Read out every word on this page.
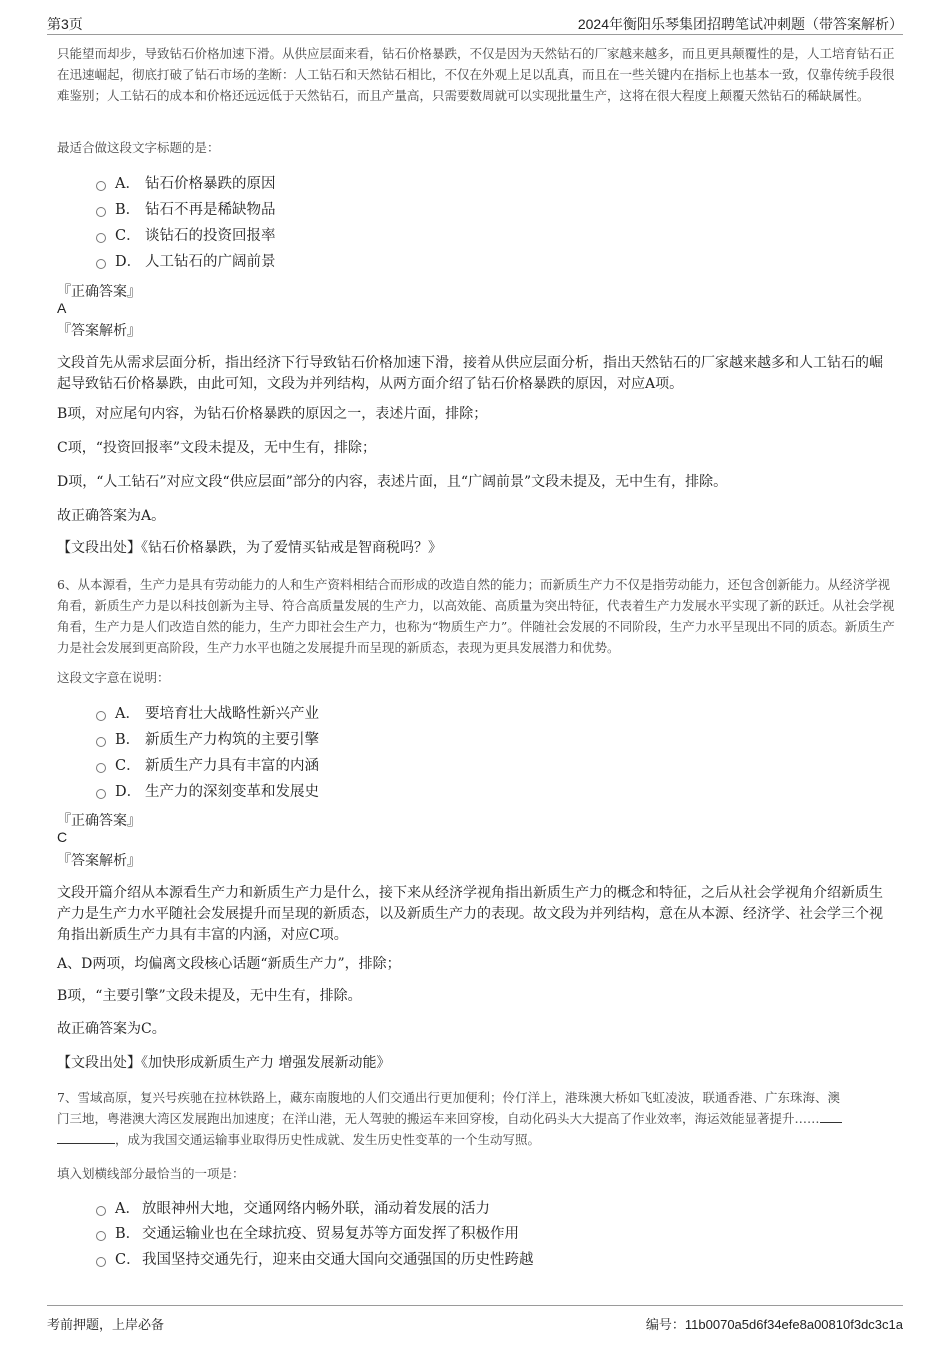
第3页	2024年衡阳乐琴集团招聘笔试冲刺题（带答案解析）
只能望而却步，导致钻石价格加速下滑。从供应层面来看，钻石价格暴跌，不仅是因为天然钻石的厂家越来越多，而且更具颠覆性的是，人工培育钻石正在迅速崛起，彻底打破了钻石市场的垄断：人工钻石和天然钻石相比，不仅在外观上足以乱真，而且在一些关键内在指标上也基本一致，仅靠传统手段很难鉴别；人工钻石的成本和价格还远远低于天然钻石，而且产量高，只需要数周就可以实现批量生产，这将在很大程度上颠覆天然钻石的稀缺属性。
最适合做这段文字标题的是：
A． 钻石价格暴跌的原因
B． 钻石不再是稀缺物品
C． 谈钻石的投资回报率
D． 人工钻石的广阔前景
『正确答案』
A
『答案解析』
文段首先从需求层面分析，指出经济下行导致钻石价格加速下滑，接着从供应层面分析，指出天然钻石的厂家越来越多和人工钻石的崛起导致钻石价格暴跌，由此可知，文段为并列结构，从两方面介绍了钻石价格暴跌的原因，对应A项。
B项，对应尾句内容，为钻石价格暴跌的原因之一，表述片面，排除；
C项，“投资回报率”文段未提及，无中生有，排除；
D项，“人工钻石”对应文段“供应层面”部分的内容，表述片面，且“广阔前景”文段未提及，无中生有，排除。
故正确答案为A。
【文段出处】《钻石价格暴跌，为了爱情买钻戒是智商税吗？》
6、从本源看，生产力是具有劳动能力的人和生产资料相结合而形成的改造自然的能力；而新质生产力不仅是指劳动能力，还包含创新能力。从经济学视角看，新质生产力是以科技创新为主导、符合高质量发展的生产力，以高效能、高质量为突出特征，代表着生产力发展水平实现了新的跃迁。从社会学视角看，生产力是人们改造自然的能力，生产力即社会生产力，也称为“物质生产力”。伴随社会发展的不同阶段，生产力水平呈现出不同的质态。新质生产力是社会发展到更高阶段，生产力水平也随之发展提升而呈现的新质态，表现为更具发展潜力和优势。
这段文字意在说明：
A． 要培育壮大战略性新兴产业
B． 新质生产力构筑的主要引擎
C． 新质生产力具有丰富的内涵
D． 生产力的深刻变革和发展史
『正确答案』
C
『答案解析』
文段开篇介绍从本源看生产力和新质生产力是什么，接下来从经济学视角指出新质生产力的概念和特征，之后从社会学视角介绍新质生产力是生产力水平随社会发展提升而呈现的新质态，以及新质生产力的表现。故文段为并列结构，意在从本源、经济学、社会学三个视角指出新质生产力具有丰富的内涵，对应C项。
A、D两项，均偏离文段核心话题“新质生产力”，排除；
B项，“主要引擎”文段未提及，无中生有，排除。
故正确答案为C。
【文段出处】《加快形成新质生产力 增强发展新动能》
7、雪域高原，复兴号疾驰在拉林铁路上，藏东南腹地的人们交通出行更加便利；伶仃洋上，港珠澳大桥如飞虹凌波，联通香港、广东珠海、澳
门三地，粤港澳大湾区发展跑出加速度；在洋山港，无人驾驶的搬运车来回穿梭，自动化码头大大提高了作业效率，海运效能显著提升……
，成为我国交通运输事业取得历史性成就、发生历史性变革的一个生动写照。
填入划横线部分最恰当的一项是：
A． 放眼神州大地，交通网络内畅外联，涌动着发展的活力
B． 交通运输业也在全球抗疫、贸易复苏等方面发挥了积极作用
C．我国坚持交通先行，迎来由交通大国向交通强国的历史性跨越
考前押题，上岸必备	编号：11b0070a5d6f34efe8a00810f3dc3c1a
